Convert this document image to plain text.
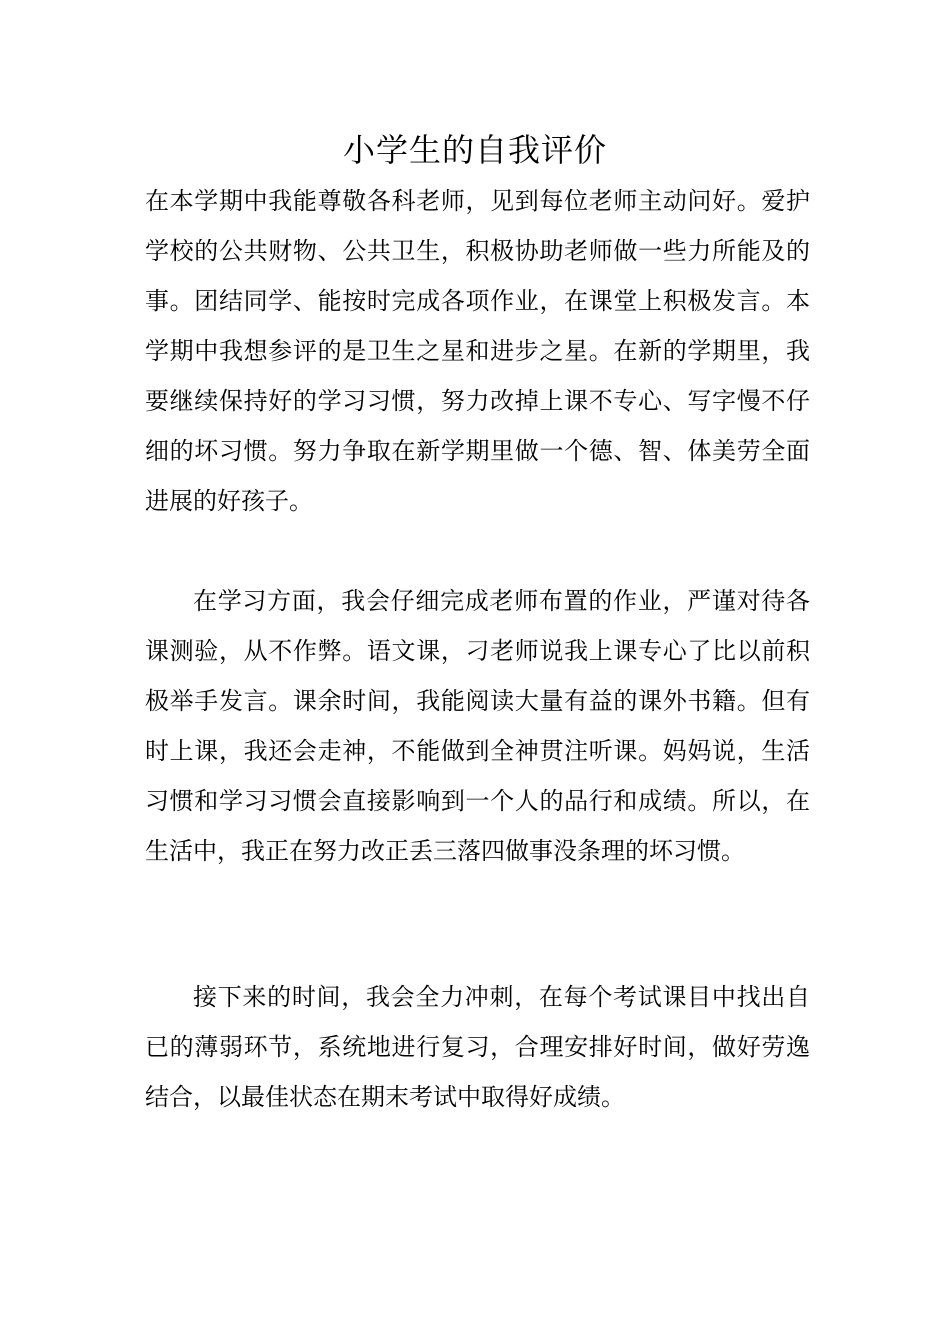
小学生的自我评价

在本学期中我能尊敬各科老师，见到每位老师主动问好。爱护学校的公共财物、公共卫生，积极协助老师做一些力所能及的事。团结同学、能按时完成各项作业，在课堂上积极发言。本学期中我想参评的是卫生之星和进步之星。在新的学期里，我要继续保持好的学习习惯，努力改掉上课不专心、写字慢不仔细的坏习惯。努力争取在新学期里做一个德、智、体美劳全面进展的好孩子。

在学习方面，我会仔细完成老师布置的作业，严谨对待各课测验，从不作弊。语文课，刁老师说我上课专心了比以前积极举手发言。课余时间，我能阅读大量有益的课外书籍。但有时上课，我还会走神，不能做到全神贯注听课。妈妈说，生活习惯和学习习惯会直接影响到一个人的品行和成绩。所以，在生活中，我正在努力改正丢三落四做事没条理的坏习惯。

接下来的时间，我会全力冲刺，在每个考试课目中找出自已的薄弱环节，系统地进行复习，合理安排好时间，做好劳逸结合，以最佳状态在期末考试中取得好成绩。
